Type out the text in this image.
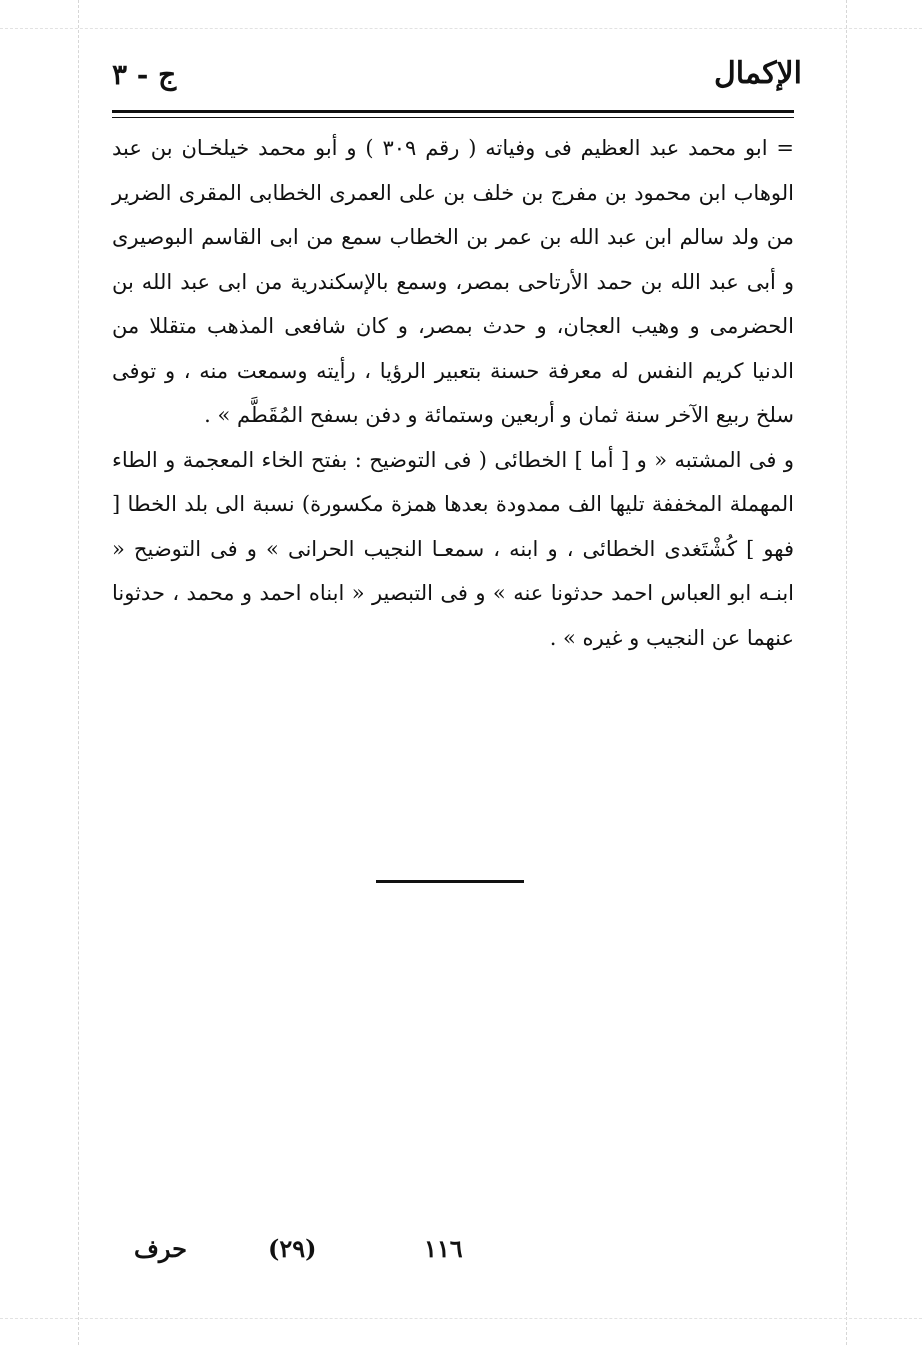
الإكمال
ج - ٣

= ابو محمد عبد العظيم فى وفياته ( رقم ٣٠٩ ) و أبو محمد خيلخـان بن عبد الوهاب ابن محمود بن مفرج بن خلف بن على العمرى الخطابى المقرى الضرير من ولد سالم ابن عبد الله بن عمر بن الخطاب سمع من ابى القاسم البوصيرى و أبى عبد الله بن حمد الأرتاحى بمصر، وسمع بالإسكندرية من ابى عبد الله بن الحضرمى و وهيب العجان، و حدث بمصر، و كان شافعى المذهب متقللا من الدنيا كريم النفس له معرفة حسنة بتعبير الرؤيا ، رأيته وسمعت منه ، و توفى سلخ ربيع الآخر سنة ثمان و أربعين وستمائة و دفن بسفح المُقَطَّم » .

و فى المشتبه « و [ أما ] الخطائى ( فى التوضيح : بفتح الخاء المعجمة و الطاء المهملة المخففة تليها الف ممدودة بعدها همزة مكسورة) نسبة الى بلد الخطا [ فهو ] كُشْتَغدى الخطائى ، و ابنه ، سمعـا النجيب الحرانى » و فى التوضيح « ابنـه ابو العباس احمد حدثونا عنه » و فى التبصير « ابناه احمد و محمد ، حدثونا عنهما عن النجيب و غيره » .

حرف	(٢٩)	١١٦
